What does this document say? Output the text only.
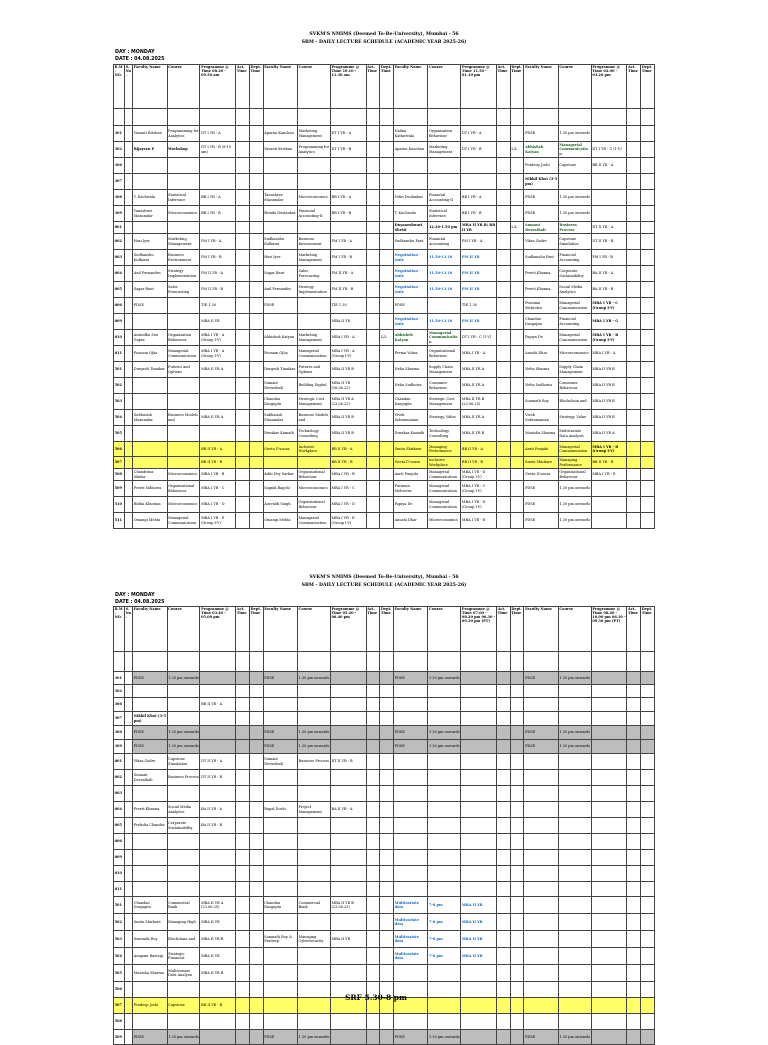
SVKM'S NMIMS (Deemed To-Be-University), Mumbai - 56
SBM - DAILY LECTURE SCHEDULE (ACADEMIC YEAR 2025-26)
DAY : MONDAY
DATE : 04.08.2025
R.M. NO.	S. No.	Faculty Name	Course	Programme @ Time 08.20 - 09.50 am	Act. Time	Dept. Time	Faculty Name	Course	Programme @ Time 10.10 - 11.30 am	Act. Time	Dept. Time	Faculty Name	Course	Programme @ Time 11.50 - 01.10 pm	Act. Time	Dept. Time	Faculty Name	Course	Programme @ Time 02.00 - 03.20 pm	Act. Time	Dept. Time

301		Vasanti Krishna	Programming for Analytics	DT I YR - A			Aparna Kanchan	Marketing Management	DT I YR - A			Nalina Kattarwala	Organization Behaviour	DT I YR - A			PDSE	1.30 pm onwards			
302		Bijaysen P	Workshop	DT I YR - B (8-10 am)			Vasanti Krishna	Programming for Analytics	DT I YR - B			Aparna Kanchan	Marketing Management	DT I YR - B		L/L	Abhishek Katyan	Managerial Communication	DT I YR - C (1-V)		
306																	Pradeep Joshi	Capstone	BB II YR - A		
307																	Nikhil Khot (3-5 pm)				
308		T. Kachwala	Statistical Inference	BB I YR - A			Tanushree Mazumdar	Microeconomics	BB I YR - A			Nitin Deolankar	Financial Accounting-II	BB I YR - A			PDSE	1.30 pm onwards			
309		Tanushree Mazumdar	Microeconomics	BB I YR - B			Brinda Deolankar	Financial Accounting-II	BB I YR - B			T. Kachwala	Statistical Inference	BB I YR - B			PDSE	1.30 pm onwards			
801												Dnyaneshwari Shetti	12.30-1.50 pm	MBA II YR B/ BB II YR		L/L	Sumant Devasthali	Business Process	DT II YR - A		
802		Hari Iyer	Marketing Management	PM I YR - A			Sudhanshu Kulkarni	Business Environment	PM I YR - A			Sudhanshu Pant	Financial Accounting	PM I YR - A			Vikas Gadre	Capstone Simulation	DT II YR - B		
803		Sudhanshu Kulkarni	Business Environment	PM I YR - B			Hari Iyer	Marketing Management	PM I YR - B			Negotiation - Quiz	11.50-13.10	PM II YR			Sudhanshu Pant	Financial Accounting	PM I YR - B		
804		Anil Fernandes	Strategy Implementation	PM II YR - A			Sagar Raut	Sales Forecasting	PM II YR - A			Negotiation - Quiz	11.50-13.10	PM II YR			Preeti Khanna	Corporate Sustainability	BA II YR - A		
805		Sagar Raut	Sales Forecasting	PM II YR - B			Anil Fernandes	Strategy Implementation	PM II YR - B			Negotiation - Quiz	11.50-13.10	PM II YR			Preeti Khanna	Social Media Analytics	BA II YR - B		
806		PDSE		TIE 1.30			PDSE		TIE 1.30			PDSE		TIE 1.30			Purnima Mehrotra	Managerial Communication	MBA I YR - C (Group I-V)		
809				MBA II YR					MBA II YR			Negotiation - Quiz	11.50-13.10	PM II YR			Chandan Dasgupta	Financial Accounting	MBA I YR - G		
810		Anirudha Sen Gupta	Organization Behaviour	MBA I YR - A (Group I-V)			Abhishek Katyan	Marketing Management	MBA I YR - A		L/L	Abhishek Katyan	Managerial Communication	DT I YR - C (1-V)			Papiya De	Managerial Communication	MBA I YR - B (Group I-V)		
811		Poonam Ojha	Managerial Communication	MBA I YR - A (Group I-V)			Poonam Ojha	Managerial Communication	MBA I YR - A (Group I-V)			Prema Vohra	Organisational Behaviour	MBA I YR - A			Anushi Dhar	Microeconomics	MBA I YR - A		
501		Durgesh Tinaikar	Futures and Options	MBA II YR A			Durgesh Tinaikar	Futures and Options	MBA II YR B			Neha Sharma	Supply Chain Management	MBA II YR A			Neha Sharma	Supply Chain Management	MBA II YR B		
502							Sumant Devasthali	Building Digital	MBA II YR (16.06.25)			Neha Sudhotra	Consumer Behaviour	MBA II YR A			Neha Sudhotra	Consumer Behaviour	MBA II YR B		
503							Chandan Dasgupta	Strategic Cost Management	MBA II YR A (23.06.25)			Chandan Dasgupta	Strategic Cost Management	MBA II YR B (23.06.25)			Somnath Roy	Blockchain and	MBA II YR B		
504		Subhasish Mazumdar	Business Models and	MBA II YR A			Subhasish Mazumdar	Business Models and	MBA II YR B			Vivek Subramanian	Strategy, Value	MBA II YR A			Vivek Subramanian	Strategy, Value	MBA II YR B		
505							Diwakar Kamath	Technology Consulting	MBA II YR B			Diwakar Kamath	Technology Consulting	MBA II YR B			Manisha Sharma	Multivariate Data Analysis	MBA II YR A		
506				BB II YR - A			Geeta D'souza	Inclusive Workplace	BB II YR - A			Smita Shirkare	Managing Performance	BB II YR - A			Aarti Punjabi	Managerial Communication	MBA I YR - B (Group I-V)		
507				BB II YR - B					BB II YR - B			Geeta D'souza	Inclusive Workplace	BB II YR - B			Smita Shirkare	Managing Performance	BB II YR - B		
508		Chandrima Sikdar	Microeconomics	MBA I YR - B			Aditi Dey Sarkar	Organisational Behaviour	MBA I YR - B			Aarti Punjabi	Managerial Communication	MBA I YR - D (Group I-V)			Geeta D'souza	Organisational Behaviour	MBA I YR - E		
509		Preeti Sidhorra	Organisational Behaviour	MBA I YR - C			Sagnik Bagchi	Microeconomics	MBA I YR - C			Purnima Mehrotra	Managerial Communication	MBA I YR - C (Group I-V)			PDSE	1.30 pm onwards			
510		Ritika Khurana	Microeconomics	MBA I YR - D			Aurvaldi Singh	Organisational Behaviour	MBA I YR - D			Papiya De	Managerial Communication	MBA I YR - D (Group I-V)			PDSE	1.30 pm onwards			
511		Omangi Mehta	Managerial Communication	MBA I YR - E (Group I-V)			Omangi Mehta	Managerial Communication	MBA I YR - E (Group I-V)			Anushi Dhar	Microeconomics	MBA I YR - E			PDSE	1.30 pm onwards			
SVKM'S NMIMS (Deemed To-Be-University), Mumbai - 56
SBM - DAILY LECTURE SCHEDULE (ACADEMIC YEAR 2025-26)
DAY : MONDAY
DATE : 04.08.2025
R.M. NO.	S. No.	Faculty Name	Course	Programme @ Time 03.40 - 05.00 pm	Act. Time	Dept. Time	Faculty Name	Course	Programme @ Time 05.20 - 06.40 pm	Act. Time	Dept. Time	Faculty Name	Course	Programme @ Time 07.00 - 08.20 pm 06.30 - 09.30 pm (PT)	Act. Time	Dept. Time	Faculty Name	Course	Programme @ Time 08.40 - 10.00 pm 06.30 - 09.30 pm (PT)	Act. Time	Dept. Time

301		PDSE	1.30 pm onwards				PDSE	1.30 pm onwards				PDSE	1.30 pm onwards				PDSE	1.30 pm onwards			
302																					
306				BB II YR - A																	
307		Nikhil Khot (3-5 pm)																			
308		PDSE	1.30 pm onwards				PDSE	1.30 pm onwards				PDSE	1.30 pm onwards				PDSE	1.30 pm onwards			
309		PDSE	1.30 pm onwards				PDSE	1.30 pm onwards				PDSE	1.30 pm onwards				PDSE	1.30 pm onwards			
801		Vikas Gadre	Capstone Simulation	DT II YR - A			Sumant Devasthali	Business Process	DT II YR - B												
802		Sumant Devasthali	Business Process	DT II YR - B																	
803																					
804		Preeti Khanna	Social Media Analytics	BA II YR - A			Rupal Doshi	Project Management	BA II YR - A												
805		Preksha Chandra	Corporate Sustainability	BA II YR - B																	
806																					
809																					
810																					
811																					
501		Chandan Dasgupta	Commercial Bank	MBA II YR A (23.06.25)			Chandan Dasgupta	Commercial Bank	MBA II YR B (23.06.25)			Multivariate data	7-8 pm	MBA II YR							
502		Smita Shirkare	Managing High	MBA II YR								Multivariate data	7-8 pm	MBA II YR							
503		Somnath Roy	Blockchain and	MBA II YR-B			Somnath Roy & Pradeep	Managing Cybersecurity	MBA II YR			Multivariate data	7-8 pm	MBA II YR							
504		Anupam Rastogi	Strategic Financial	MBA II YR								Multivariate data	7-8 pm	MBA II YR							
505		Manisha Sharma	Multivariate Data Analysis	MBA II YR B																	
506																					
507		Pradeep Joshi	Capstone	BB II YR - B																	
508																					
509		PDSE	1.30 pm onwards				PDSE	1.30 pm onwards				PDSE	1.30 pm onwards				PDSE	1.30 pm onwards			
SRF 5.30-8 pm
